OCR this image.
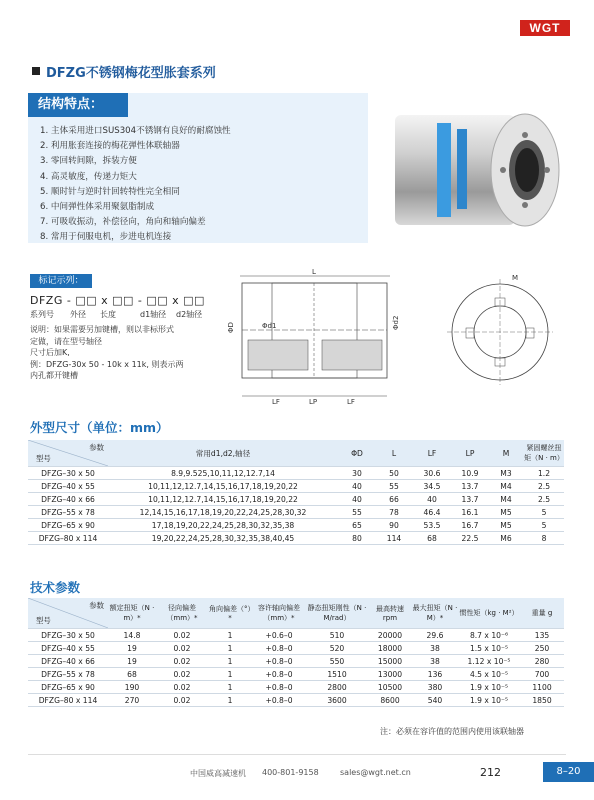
WGT
DFZG不锈钢梅花型胀套系列
结构特点：
1. 主体采用进口SUS304不锈钢有良好的耐腐蚀性
2. 利用胀套连接的梅花弹性体联轴器
3. 零回转间隙，拆装方便
4. 高灵敏度，传递力矩大
5. 顺时针与逆时针回转特性完全相同
6. 中间弹性体采用聚氨脂制成
7. 可吸收振动，补偿径向，角向和轴向偏差
8. 常用于伺服电机，步进电机连接
标记示列：
DFZG - □□ x □□ - □□ x □□
系列号 外径 长度	d1轴径 d2轴径
说明：如果需要另加键槽，则以非标形式
定做，请在型号轴径
尺寸后加K,
例：DFZG-30x 50 - 10k x 11k, 则表示两
内孔都开键槽
L
ΦD	Φd2
Φd1
LF	LP	LF
M
外型尺寸（单位：mm）
参数
型号	常用d1,d2,轴径	ΦD	L	LF	LP	M	紧固螺丝扭矩（N · m）
DFZG–30 x 50	8.9,9.525,10,11,12,12.7,14	30	50	30.6	10.9	M3	1.2
DFZG–40 x 55	10,11,12,12.7,14,15,16,17,18,19,20,22	40	55	34.5	13.7	M4	2.5
DFZG–40 x 66	10,11,12,12.7,14,15,16,17,18,19,20,22	40	66	40	13.7	M4	2.5
DFZG–55 x 78	12,14,15,16,17,18,19,20,22,24,25,28,30,32	55	78	46.4	16.1	M5	5
DFZG–65 x 90	17,18,19,20,22,24,25,28,30,32,35,38	65	90	53.5	16.7	M5	5
DFZG–80 x 114	19,20,22,24,25,28,30,32,35,38,40,45	80	114	68	22.5	M6	8
技术参数
参数
型号	额定扭矩（N · m）*	径向偏差（mm）*	角向偏差（°）*	容许轴向偏差（mm）*	静态扭矩刚性（N · M/rad）	最高转速 rpm	最大扭矩（N · M）*	惯性矩（kg · M²）	重量 g
DFZG–30 x 50	14.8	0.02	1	+0.6–0	510	20000	29.6	8.7 x 10⁻⁶	135
DFZG–40 x 55	19	0.02	1	+0.8–0	520	18000	38	1.5 x 10⁻⁵	250
DFZG–40 x 66	19	0.02	1	+0.8–0	550	15000	38	1.12 x 10⁻⁵	280
DFZG–55 x 78	68	0.02	1	+0.8–0	1510	13000	136	4.5 x 10⁻⁵	700
DFZG–65 x 90	190	0.02	1	+0.8–0	2800	10500	380	1.9 x 10⁻⁵	1100
DFZG–80 x 114	270	0.02	1	+0.8–0	3600	8600	540	1.9 x 10⁻⁵	1850
注：必须在容许值的范围内使用该联轴器
中国威高减速机 400-801-9158	sales@wgt.net.cn	212	8–20
